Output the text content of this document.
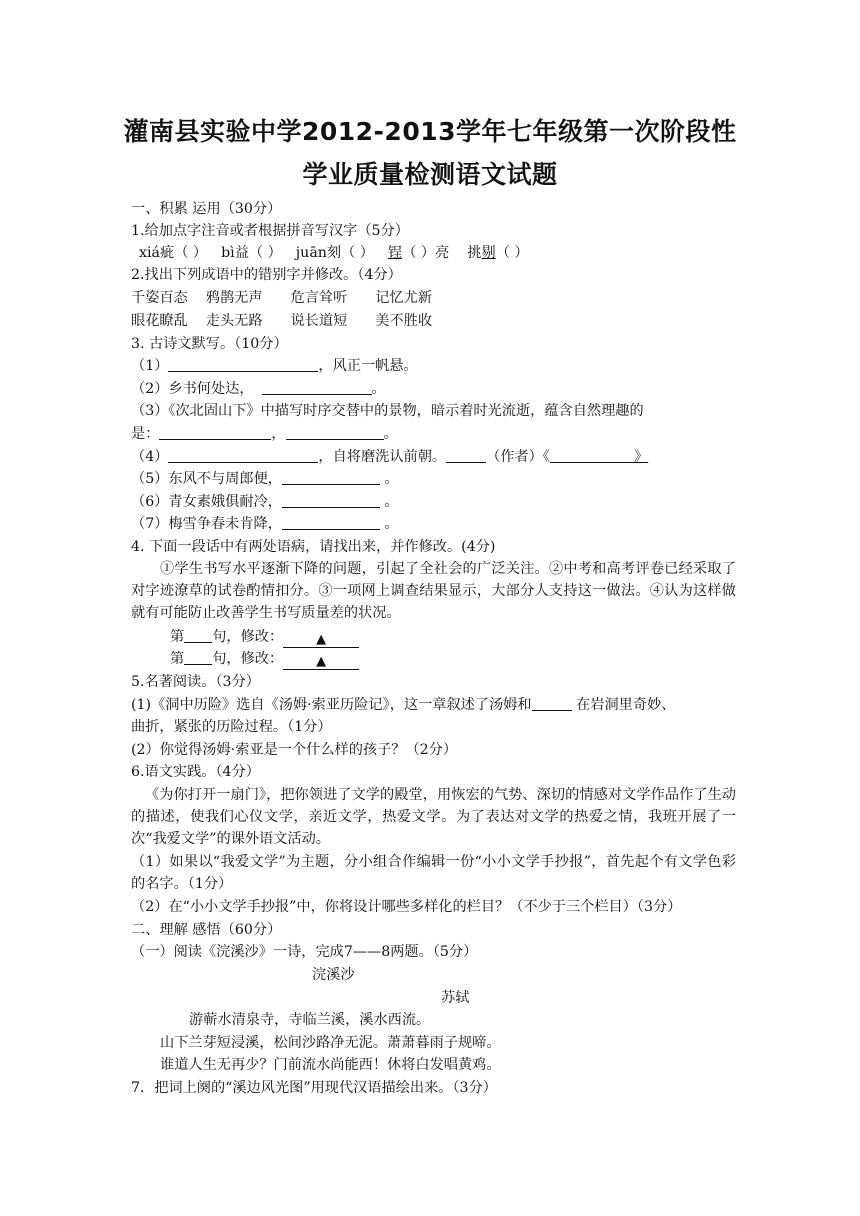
灌南县实验中学2012-2013学年七年级第一次阶段性
学业质量检测语文试题
一、积累 运用（30分）
1.给加点字注音或者根据拼音写汉字（5分）
xiá疵（ ） bì益（ ） juān刻（ ） 锃（ ）亮 挑剔（ ）
2.找出下列成语中的错别字并修改。（4分）
千姿百态 鸦鹊无声 危言耸听 记忆尤新
眼花瞭乱 走头无路 说长道短 美不胜收
3. 古诗文默写。（10分）
（1）	，风正一帆悬。
（2）乡书何处达，	。
（3）《次北固山下》中描写时序交替中的景物，暗示着时光流逝，蕴含自然理趣的
是：	，	。
（4）	，自将磨洗认前朝。	（作者）《	》
（5）东风不与周郎便，	。
（6）青女素娥俱耐冷，	。
（7）梅雪争春未肯降，	。
4. 下面一段话中有两处语病，请找出来，并作修改。(4分)
①学生书写水平逐渐下降的问题，引起了全社会的广泛关注。②中考和高考评卷已经采取了对字迹潦草的试卷酌情扣分。③一项网上调查结果显示，大部分人支持这一做法。④认为这样做就有可能防止改善学生书写质量差的状况。
第 句，修改：	▲
第 句，修改：	▲
5.名著阅读。（3分）
(1)《洞中历险》选自《汤姆·索亚历险记》，这一章叙述了汤姆和	在岩洞里奇妙、
曲折，紧张的历险过程。（1分）
(2）你觉得汤姆·索亚是一个什么样的孩子？（2分）
6.语文实践。（4分）
《为你打开一扇门》，把你领进了文学的殿堂，用恢宏的气势、深切的情感对文学作品作了生动的描述，使我们心仪文学，亲近文学，热爱文学。为了表达对文学的热爱之情，我班开展了一次“我爱文学”的课外语文活动。
（1）如果以“我爱文学”为主题，分小组合作编辑一份“小小文学手抄报”，首先起个有文学色彩的名字。（1分）
（2）在“小小文学手抄报”中，你将设计哪些多样化的栏目？（不少于三个栏目）（3分）
二、理解 感悟（60分）
（一）阅读《浣溪沙》一诗，完成7——8两题。（5分）
浣溪沙
苏轼
游蕲水清泉寺，寺临兰溪，溪水西流。
山下兰芽短浸溪，松间沙路净无泥。萧萧暮雨子规啼。
谁道人生无再少？门前流水尚能西！休将白发唱黄鸡。
7．把词上阕的“溪边风光图”用现代汉语描绘出来。（3分）
